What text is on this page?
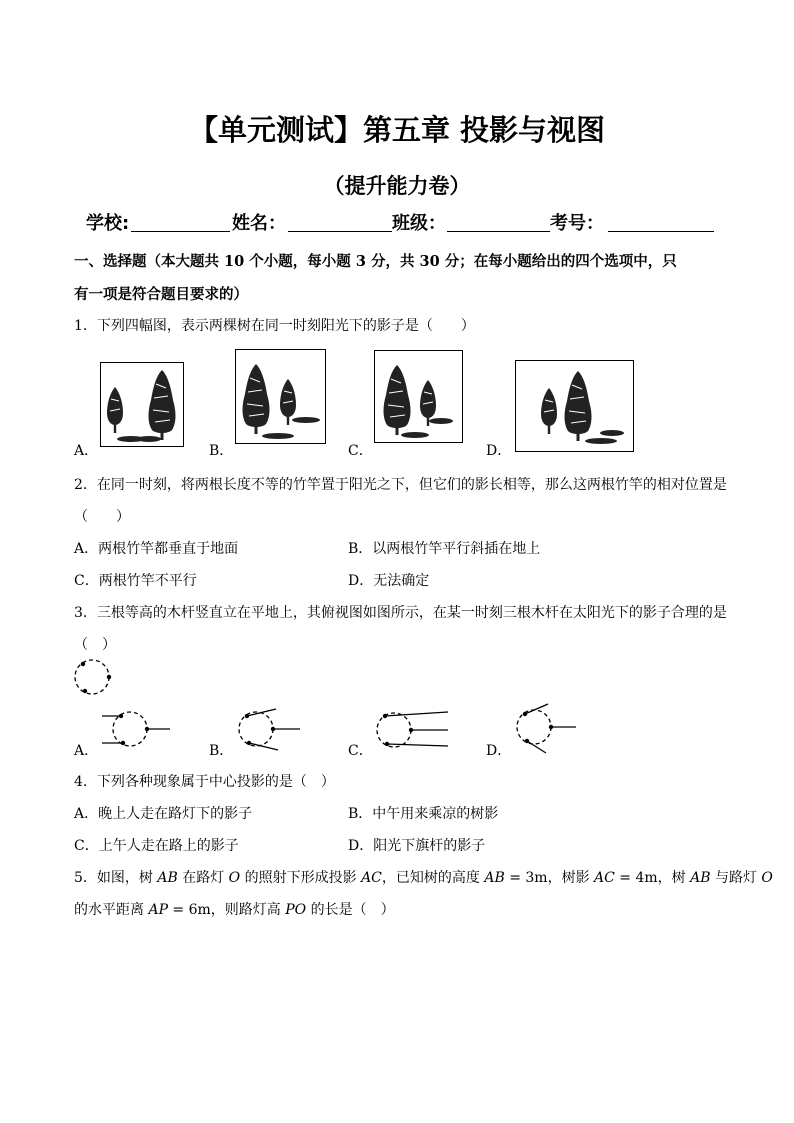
【单元测试】第五章 投影与视图
（提升能力卷）
学校:	姓名：	班级：	考号：
一、选择题（本大题共 10 个小题，每小题 3 分，共 30 分；在每小题给出的四个选项中，只
有一项是符合题目要求的）
1．下列四幅图，表示两棵树在同一时刻阳光下的影子是（　　）
A．	B．	C．	D．
2．在同一时刻，将两根长度不等的竹竿置于阳光之下，但它们的影长相等，那么这两根竹竿的相对位置是
（　　）
A．两根竹竿都垂直于地面	B．以两根竹竿平行斜插在地上
C．两根竹竿不平行	D．无法确定
3．三根等高的木杆竖直立在平地上，其俯视图如图所示，在某一时刻三根木杆在太阳光下的影子合理的是
（　）
A．	B．	C．	D．
4．下列各种现象属于中心投影的是（　）
A．晚上人走在路灯下的影子	B．中午用来乘凉的树影
C．上午人走在路上的影子	D．阳光下旗杆的影子
5．如图，树 AB 在路灯 O 的照射下形成投影 AC，已知树的高度 AB = 3m，树影 AC = 4m，树 AB 与路灯 O
的水平距离 AP = 6m，则路灯高 PO 的长是（　）
